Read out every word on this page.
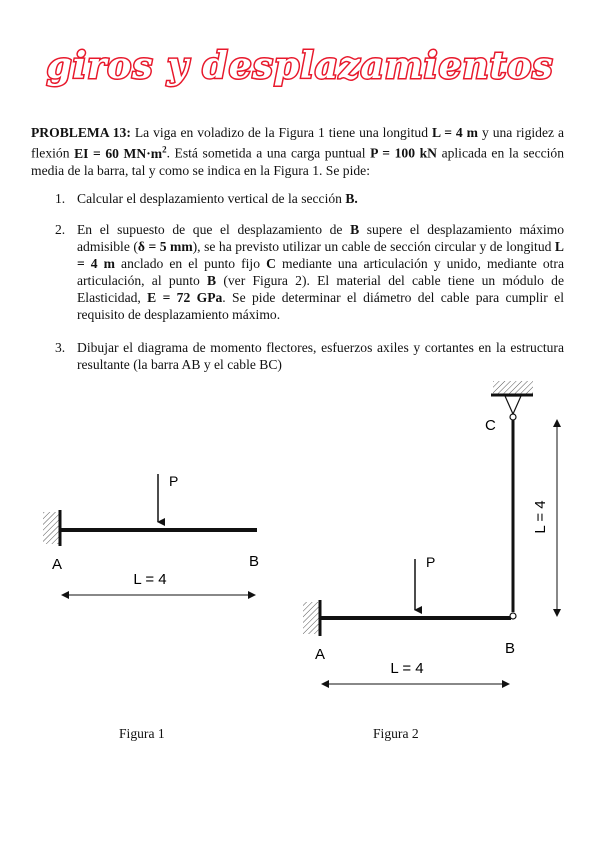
giros y desplazamientos
PROBLEMA 13: La viga en voladizo de la Figura 1 tiene una longitud L = 4 m y una rigidez a flexión EI = 60 $MN\cdot m^2$. Está sometida a una carga puntual P = 100 kN aplicada en la sección media de la barra, tal y como se indica en la Figura 1. Se pide:
1. Calcular el desplazamiento vertical de la sección B.
2. En el supuesto de que el desplazamiento de B supere el desplazamiento máximo admisible (δ = 5 mm), se ha previsto utilizar un cable de sección circular y de longitud L = 4 m anclado en el punto fijo C mediante una articulación y unido, mediante otra articulación, al punto B (ver Figura 2). El material del cable tiene un módulo de Elasticidad, E = 72 GPa. Se pide determinar el diámetro del cable para cumplir el requisito de desplazamiento máximo.
3. Dibujar el diagrama de momento flectores, esfuerzos axiles y cortantes en la estructura resultante (la barra AB y el cable BC)
P
A	B
L = 4
C
L = 4
P
A	B
L = 4
Figura 1	Figura 2
